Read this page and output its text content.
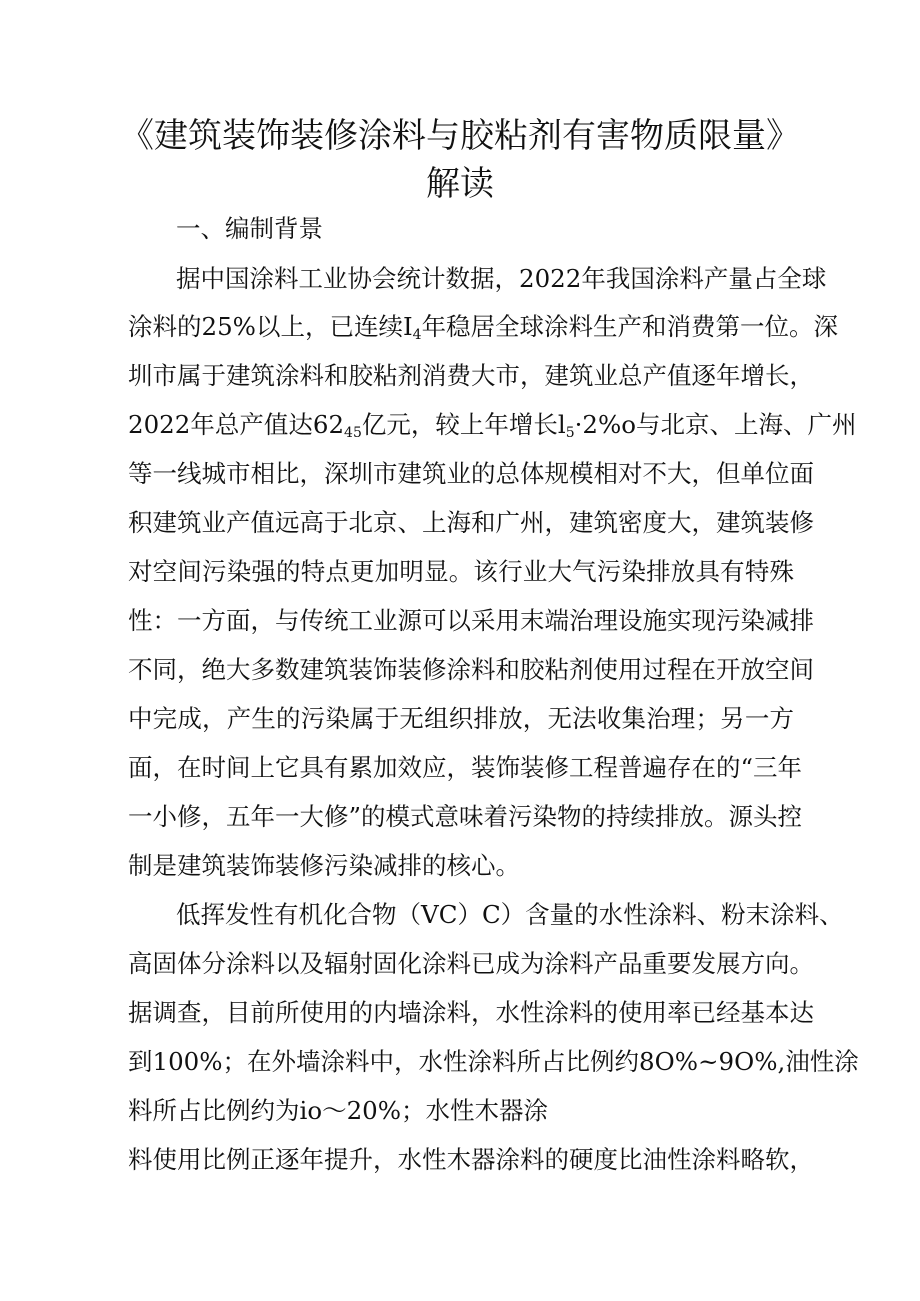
《建筑装饰装修涂料与胶粘剂有害物质限量》
解读
一、编制背景
据中国涂料工业协会统计数据，2022年我国涂料产量占全球
涂料的25%以上，已连续$I_4$年稳居全球涂料生产和消费第一位。深
圳市属于建筑涂料和胶粘剂消费大市，建筑业总产值逐年增长，
2022年总产值达$62_{45}$亿元，较上年增长$l_5\cdot 2\%o$与北京、上海、广州
等一线城市相比，深圳市建筑业的总体规模相对不大，但单位面
积建筑业产值远高于北京、上海和广州，建筑密度大，建筑装修
对空间污染强的特点更加明显。该行业大气污染排放具有特殊
性：一方面，与传统工业源可以采用末端治理设施实现污染减排
不同，绝大多数建筑装饰装修涂料和胶粘剂使用过程在开放空间
中完成，产生的污染属于无组织排放，无法收集治理；另一方
面，在时间上它具有累加效应，装饰装修工程普遍存在的“三年
一小修，五年一大修”的模式意味着污染物的持续排放。源头控
制是建筑装饰装修污染减排的核心。
低挥发性有机化合物（VC）C）含量的水性涂料、粉末涂料、
高固体分涂料以及辐射固化涂料已成为涂料产品重要发展方向。
据调查，目前所使用的内墙涂料，水性涂料的使用率已经基本达
到100%；在外墙涂料中，水性涂料所占比例约8O%~9O%,油性涂
料所占比例约为io～20%；水性木器涂
料使用比例正逐年提升，水性木器涂料的硬度比油性涂料略软，
